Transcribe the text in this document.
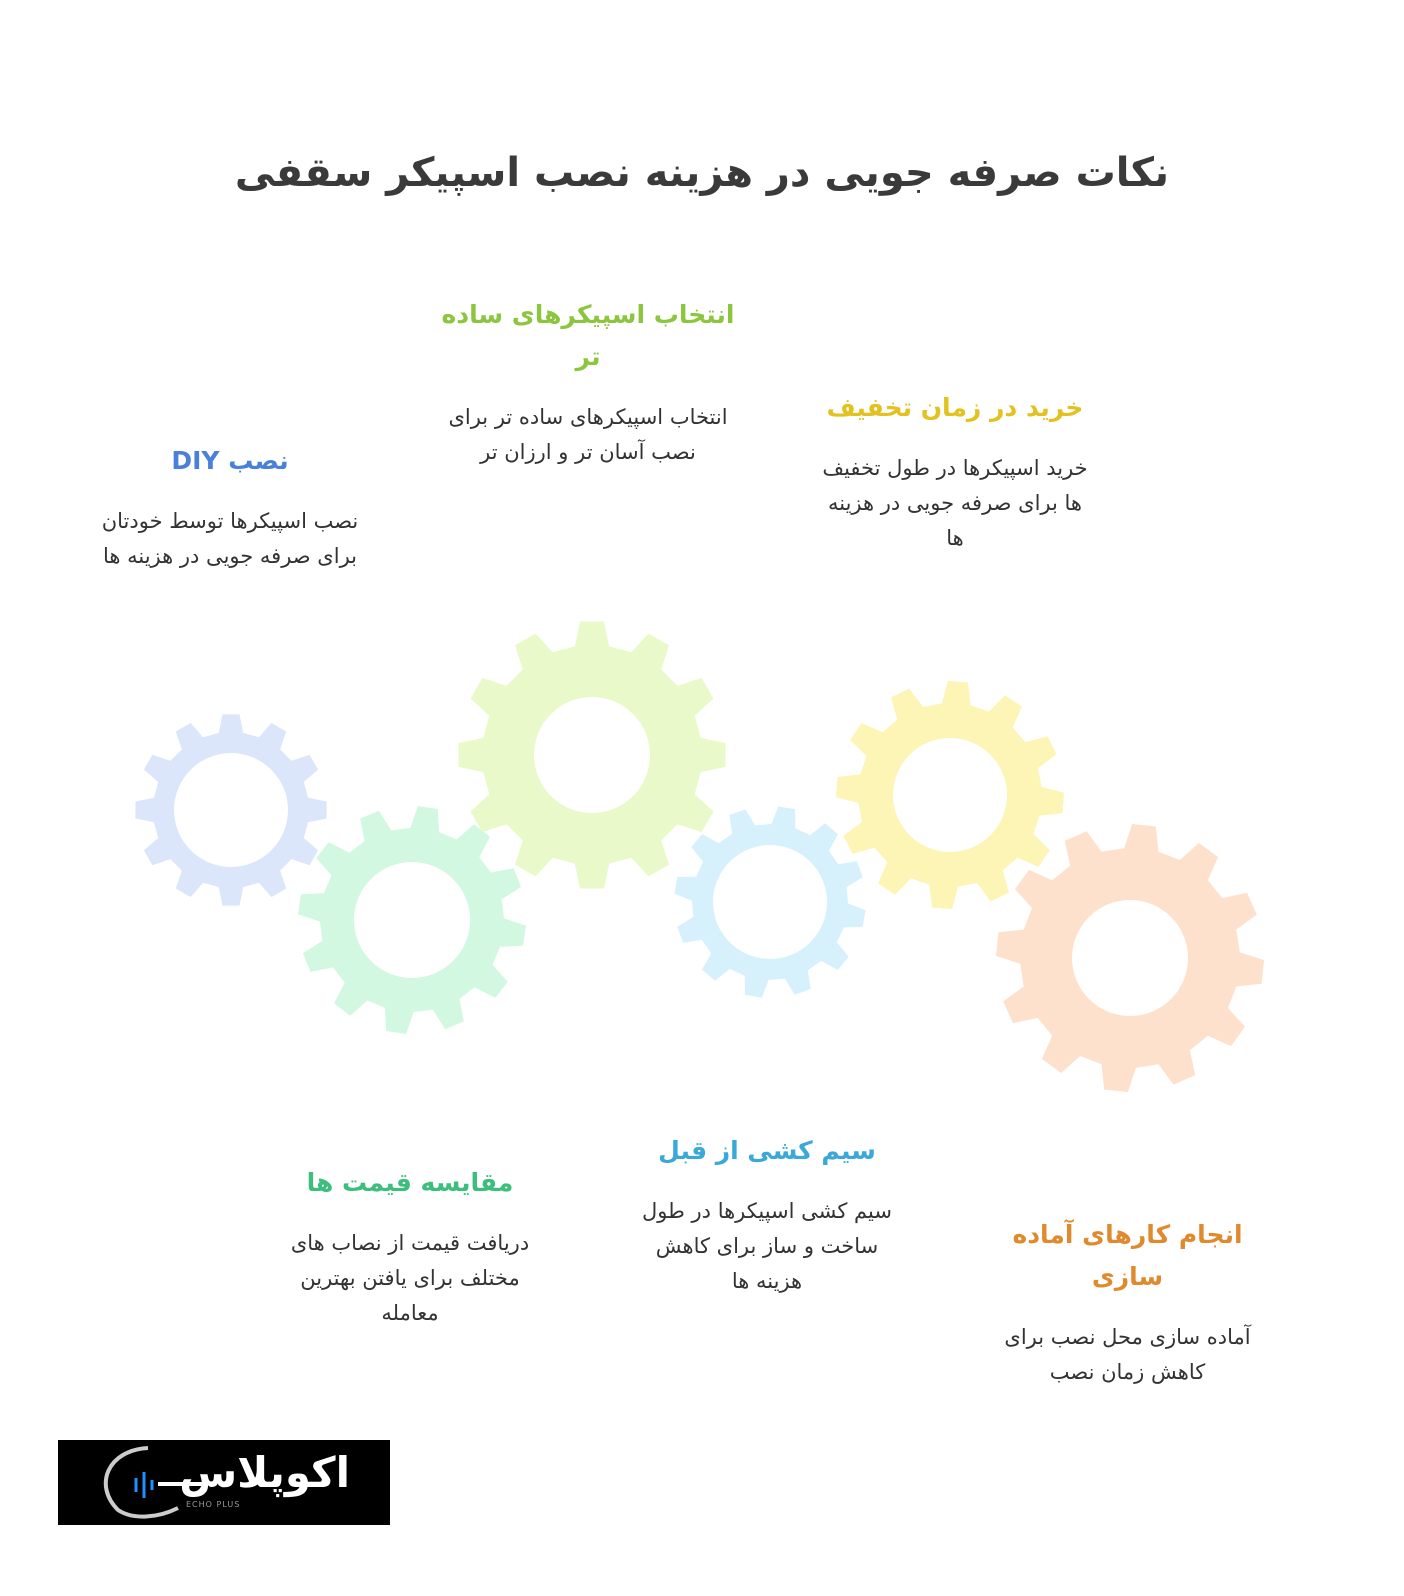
نکات صرفه جویی در هزینه نصب اسپیکر سقفی
نصب DIY
نصب اسپیکرها توسط خودتان برای صرفه جویی در هزینه ها
انتخاب اسپیکرهای ساده تر
انتخاب اسپیکرهای ساده تر برای نصب آسان تر و ارزان تر
خرید در زمان تخفیف
خرید اسپیکرها در طول تخفیف ها برای صرفه جویی در هزینه ها
مقایسه قیمت ها
دریافت قیمت از نصاب های مختلف برای یافتن بهترین معامله
سیم کشی از قبل
سیم کشی اسپیکرها در طول ساخت و ساز برای کاهش هزینه ها
انجام کارهای آماده سازی
آماده سازی محل نصب برای کاهش زمان نصب
اکوپلاس
ECHO PLUS
